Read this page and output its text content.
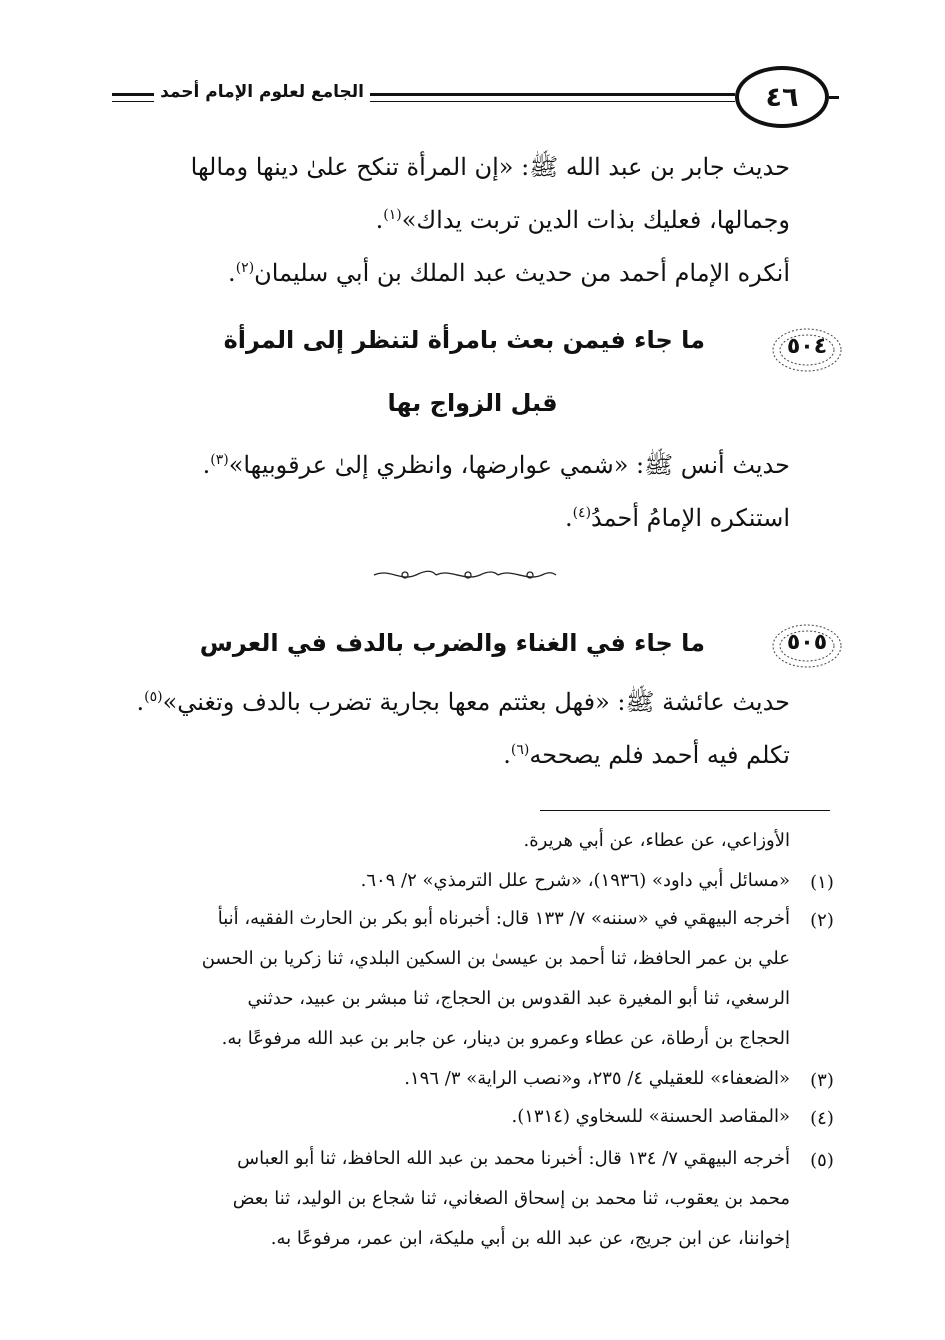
الجامع لعلوم الإمام أحمد	٤٦
حديث جابر بن عبد الله ﷺ: «إن المرأة تنكح علىٰ دينها ومالها
وجمالها، فعليك بذات الدين تربت يداك»$^{(١)}$.
أنكره الإمام أحمد من حديث عبد الملك بن أبي سليمان$^{(٢)}$.
٥٠٤
ما جاء فيمن بعث بامرأة لتنظر إلى المرأة
قبل الزواج بها
حديث أنس ﷺ: «شمي عوارضها، وانظري إلىٰ عرقوبيها»$^{(٣)}$.
استنكره الإمامُ أحمدُ$^{(٤)}$.
٥٠٥
ما جاء في الغناء والضرب بالدف في العرس
حديث عائشة ﷺ: «فهل بعثتم معها بجارية تضرب بالدف وتغني»$^{(٥)}$.
تكلم فيه أحمد فلم يصححه$^{(٦)}$.
الأوزاعي، عن عطاء، عن أبي هريرة.
(١)
«مسائل أبي داود» (١٩٣٦)، «شرح علل الترمذي» ٢/ ٦٠٩.
(٢)
أخرجه البيهقي في «سننه» ٧/ ١٣٣ قال: أخبرناه أبو بكر بن الحارث الفقيه، أنبأ
علي بن عمر الحافظ، ثنا أحمد بن عيسىٰ بن السكين البلدي، ثنا زكريا بن الحسن
الرسغي، ثنا أبو المغيرة عبد القدوس بن الحجاج، ثنا مبشر بن عبيد، حدثني
الحجاج بن أرطاة، عن عطاء وعمرو بن دينار، عن جابر بن عبد الله مرفوعًا به.
(٣)
«الضعفاء» للعقيلي ٤/ ٢٣٥، و«نصب الراية» ٣/ ١٩٦.
(٤)
«المقاصد الحسنة» للسخاوي (١٣١٤).
(٥)
أخرجه البيهقي ٧/ ١٣٤ قال: أخبرنا محمد بن عبد الله الحافظ، ثنا أبو العباس
محمد بن يعقوب، ثنا محمد بن إسحاق الصغاني، ثنا شجاع بن الوليد، ثنا بعض
إخواننا، عن ابن جريج، عن عبد الله بن أبي مليكة، ابن عمر، مرفوعًا به.
